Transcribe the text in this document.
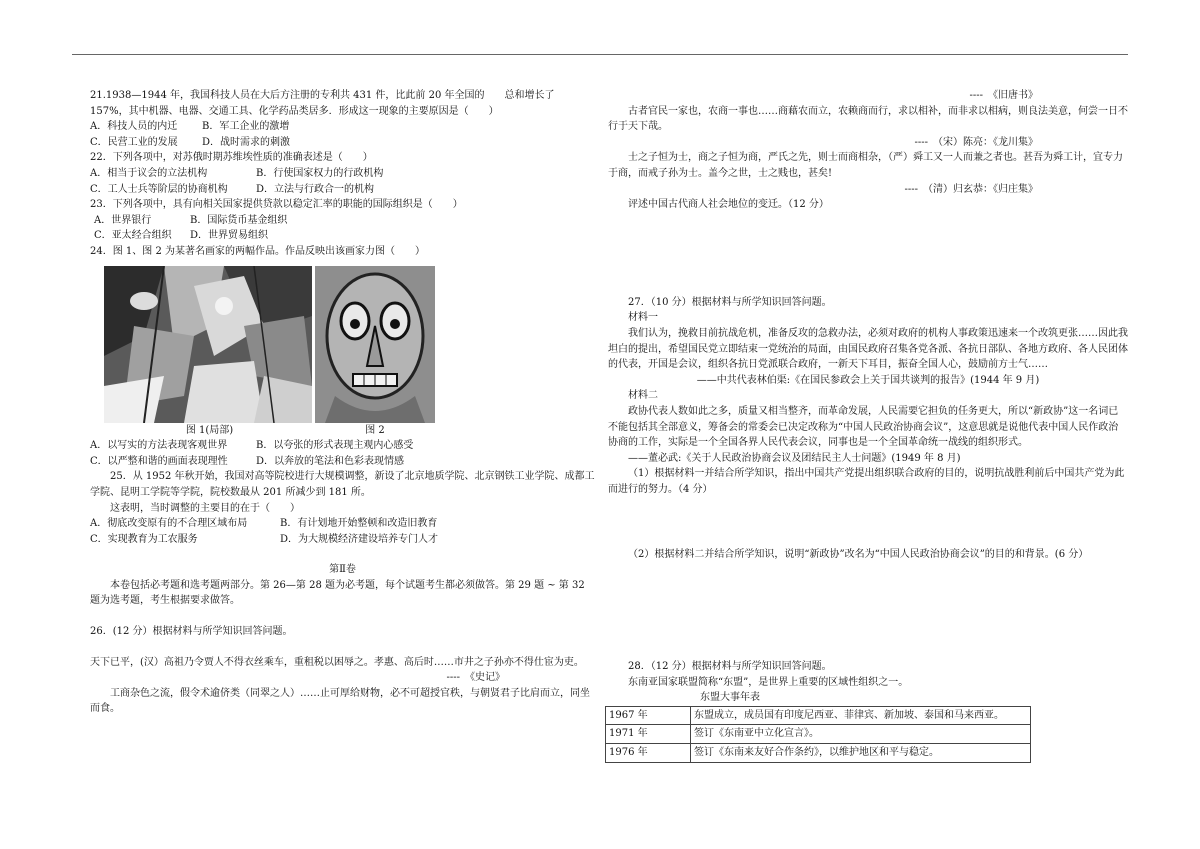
21.1938—1944 年，我国科技人员在大后方注册的专利共 431 件，比此前 20 年全国的　　总和增长了 157%，其中机器、电器、交通工具、化学药品类居多．形成这一现象的主要原因是（　　）

A．科技人员的内迁	B．军工企业的激增
C．民营工业的发展	D．战时需求的刺激

22．下列各项中，对苏俄时期苏维埃性质的准确表述是（　　）

A．相当于议会的立法机构	B．行使国家权力的行政机构
C．工人士兵等阶层的协商机构	D．立法与行政合一的机构

23．下列各项中，具有向相关国家提供贷款以稳定汇率的职能的国际组织是（　　）

A．世界银行	B．国际货币基金组织
C．亚太经合组织	D．世界贸易组织

24．图 1、图 2 为某著名画家的两幅作品。作品反映出该画家力图（　　）

图 1(局部)	图 2
A．以写实的方法表现客观世界	B．以夸张的形式表现主观内心感受
C．以严整和谐的画面表现理性	D．以奔放的笔法和色彩表现情感

25．从 1952 年秋开始，我国对高等院校进行大规模调整，新设了北京地质学院、北京钢铁工业学院、成都工学院、昆明工学院等学院，院校数最从 201 所减少到 181 所。

这表明，当时调整的主要目的在于（　　）

A．彻底改变原有的不合理区域布局	B．有计划地开始整顿和改造旧教育
C．实现教育为工农服务	D．为大规模经济建设培养专门人才

第Ⅱ卷

本卷包括必考题和选考题两部分。第 26—第 28 题为必考题，每个试题考生都必须做答。第 29 题 ~ 第 32 题为选考题，考生根据要求做答。

26．(12 分）根据材料与所学知识回答问题。

天下已平，(汉）高祖乃令贾人不得衣丝乘车，重租税以困辱之。孝惠、高后时……市井之子孙亦不得仕宦为吏。

----　《史记》

工商杂色之流，假令术逾侪类（同翠之人）……止可厚给财物，必不可超授官秩，与朝贤君子比肩而立，同坐而食。

----　《旧唐书》

古者官民一家也，农商一事也……商藉农而立，农赖商而行，求以相补，而非求以相病，则良法美意，何尝一日不行于天下哉。

----　（宋）陈亮：《龙川集》

士之子恒为士，商之子恒为商，严氏之先，则士而商相杂，（严）舜工又一人而兼之者也。甚吾为舜工计，宜专力于商，而戒子孙为士。盖今之世，士之贱也，甚矣!

----　（清）归玄恭：《归庄集》

评述中国古代商人社会地位的变迁。（12 分）

27．（10 分）根据材料与所学知识回答问题。

材料一

我们认为，挽救目前抗战危机，准备反攻的急救办法，必须对政府的机构人事政策迅速来一个改筑更张……因此我坦白的提出，希望国民党立即结束一党统治的局面，由国民政府召集各党各派、各抗日部队、各地方政府、各人民团体的代表，开国是会议，组织各抗日党派联合政府，一新天下耳目，振奋全国人心，鼓励前方士气……

——中共代表林伯渠:《在国民参政会上关于国共谈判的报告》(1944 年 9 月)

材料二

政协代表人数如此之多，质量又相当整齐，而革命发展，人民需要它担负的任务更大，所以“新政协”这一名词已不能包括其全部意义，筹备会的常委会已决定改称为“中国人民政治协商会议”，这意思就是说他代表中国人民作政治协商的工作，实际是一个全国各界人民代表会议，同事也是一个全国革命统一战线的组织形式。

——董必武:《关于人民政治协商会议及团结民主人士问题》(1949 年 8 月)

（1）根据材料一并结合所学知识，指出中国共产党提出组织联合政府的目的，说明抗战胜利前后中国共产党为此而进行的努力。（4 分）

（2）根据材料二并结合所学知识，说明“新政协”改名为“中国人民政治协商会议”的目的和背景。(6 分）

28．（12 分）根据材料与所学知识回答问题。

东南亚国家联盟简称“东盟”，是世界上重要的区域性组织之一。

东盟大事年表

1967 年	东盟成立，成员国有印度尼西亚、菲律宾、新加坡、泰国和马来西亚。
1971 年	签订《东南亚中立化宣言》。
1976 年	签订《东南来友好合作条约》，以维护地区和平与稳定。
